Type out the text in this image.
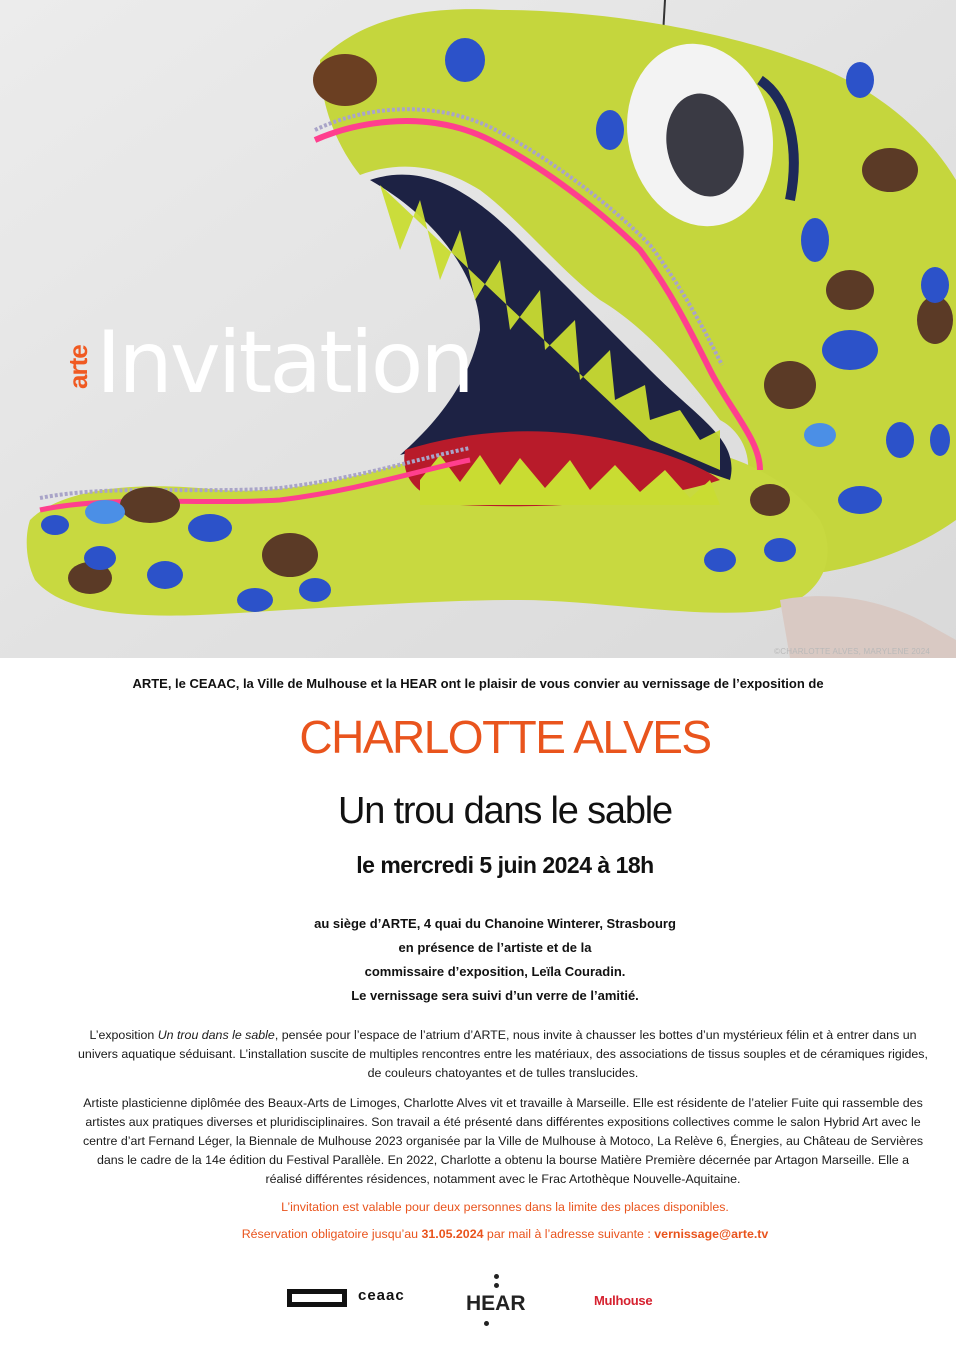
arte Invitation
©CHARLOTTE ALVES, MARYLENE 2024
ARTE, le CEAAC, la Ville de Mulhouse et la HEAR ont le plaisir de vous convier au vernissage de l’exposition de
CHARLOTTE ALVES
Un trou dans le sable
le mercredi 5 juin 2024 à 18h
au siège d’ARTE, 4 quai du Chanoine Winterer, Strasbourg
en présence de l’artiste et de la
commissaire d’exposition, Leïla Couradin.
Le vernissage sera suivi d’un verre de l’amitié.

L’exposition Un trou dans le sable, pensée pour l’espace de l’atrium d’ARTE, nous invite à chausser les bottes d’un mystérieux félin et à entrer dans un univers aquatique séduisant. L’installation suscite de multiples rencontres entre les matériaux, des associations de tissus souples et de céramiques rigides, de couleurs chatoyantes et de tulles translucides.

Artiste plasticienne diplômée des Beaux-Arts de Limoges, Charlotte Alves vit et travaille à Marseille. Elle est résidente de l’atelier Fuite qui rassemble des artistes aux pratiques diverses et pluridisciplinaires. Son travail a été présenté dans différentes expositions collectives comme le salon Hybrid Art avec le centre d’art Fernand Léger, la Biennale de Mulhouse 2023 organisée par la Ville de Mulhouse à Motoco, La Relève 6, Énergies, au Château de Servières dans le cadre de la 14e édition du Festival Parallèle. En 2022, Charlotte a obtenu la bourse Matière Première décernée par Artagon Marseille. Elle a réalisé différentes résidences, notamment avec le Frac Artothèque Nouvelle-Aquitaine.

L’invitation est valable pour deux personnes dans la limite des places disponibles.
Réservation obligatoire jusqu’au 31.05.2024 par mail à l’adresse suivante : vernissage@arte.tv
ceaac	HEAR	Mulhouse
